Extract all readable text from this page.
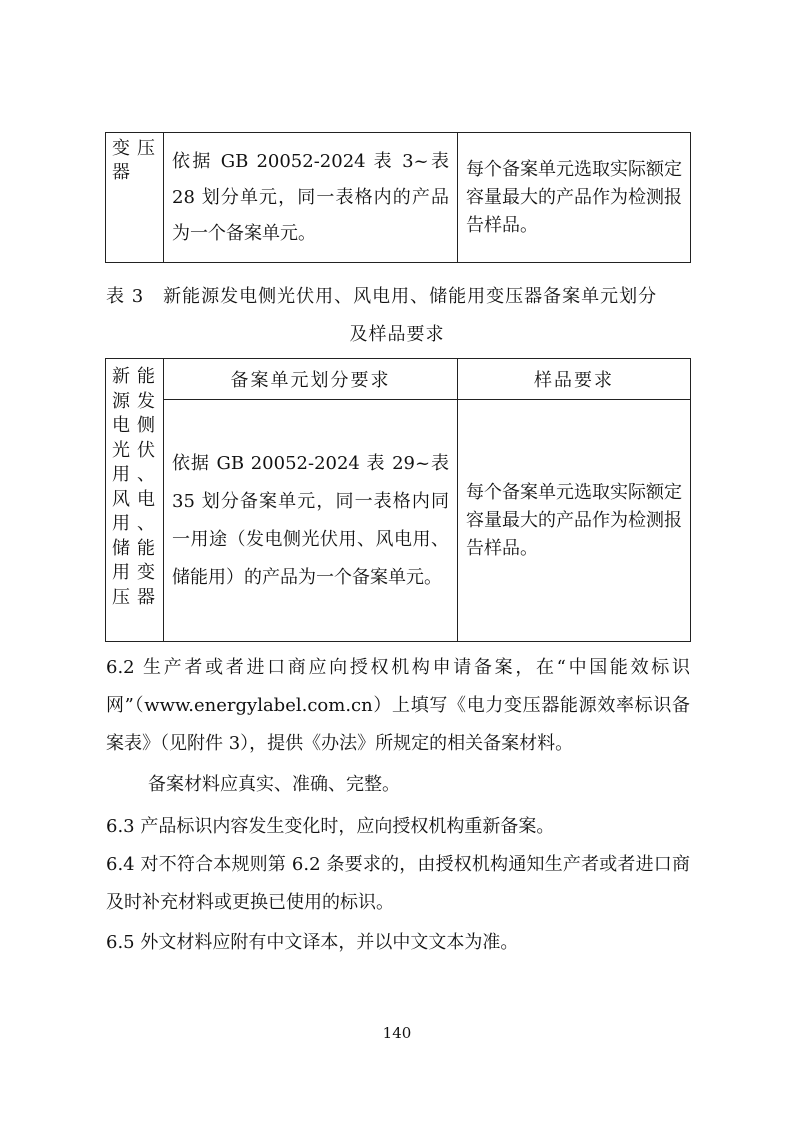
变压器	依据 GB 20052-2024 表 3~表 28 划分单元，同一表格内的产品为一个备案单元。	每个备案单元选取实际额定容量最大的产品作为检测报告样品。
表 3　新能源发电侧光伏用、风电用、储能用变压器备案单元划分
及样品要求
新能源发电侧光伏用、风电用、储能用变压器	备案单元划分要求	样品要求
	依据 GB 20052-2024 表 29~表 35 划分备案单元，同一表格内同一用途（发电侧光伏用、风电用、储能用）的产品为一个备案单元。	每个备案单元选取实际额定容量最大的产品作为检测报告样品。
6.2 生产者或者进口商应向授权机构申请备案，在“中国能效标识网”（www.energylabel.com.cn）上填写《电力变压器能源效率标识备案表》（见附件 3），提供《办法》所规定的相关备案材料。
备案材料应真实、准确、完整。
6.3 产品标识内容发生变化时，应向授权机构重新备案。
6.4 对不符合本规则第 6.2 条要求的，由授权机构通知生产者或者进口商及时补充材料或更换已使用的标识。
6.5 外文材料应附有中文译本，并以中文文本为准。
140
